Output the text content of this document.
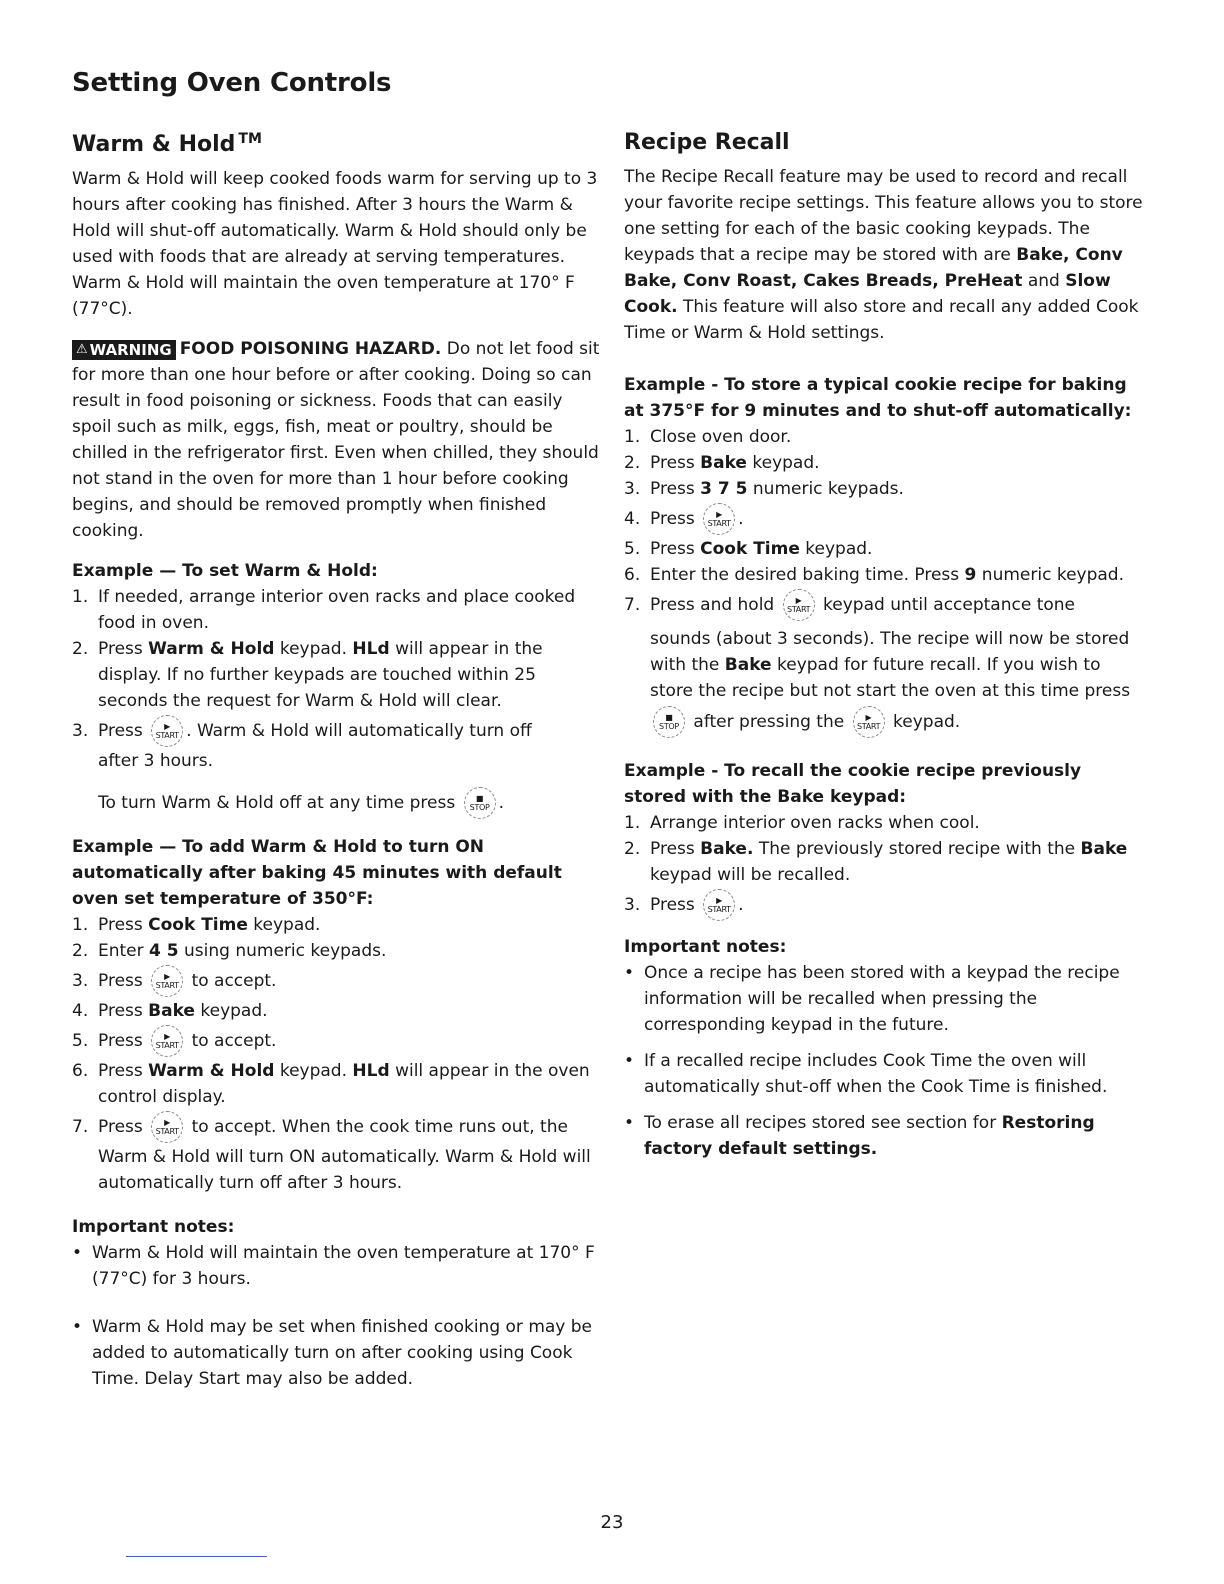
Setting Oven Controls
Warm & Hold ™

Warm & Hold will keep cooked foods warm for serving up to 3 hours after cooking has finished. After 3 hours the Warm & Hold will shut-off automatically. Warm & Hold should only be used with foods that are already at serving temperatures. Warm & Hold will maintain the oven temperature at 170° F (77°C).

⚠ WARNING FOOD POISONING HAZARD. Do not let food sit for more than one hour before or after cooking. Doing so can result in food poisoning or sickness. Foods that can easily spoil such as milk, eggs, fish, meat or poultry, should be chilled in the refrigerator first. Even when chilled, they should not stand in the oven for more than 1 hour before cooking begins, and should be removed promptly when finished cooking.

Example — To set Warm & Hold:
1. If needed, arrange interior oven racks and place cooked food in oven.
2. Press Warm & Hold keypad. HLd will appear in the display. If no further keypads are touched within 25 seconds the request for Warm & Hold will clear.
3. Press	▶
START . Warm & Hold will automatically turn off
after 3 hours.

To turn Warm & Hold off at any time press	■
STOP .

Example — To add Warm & Hold to turn ON automatically after baking 45 minutes with default oven set temperature of 350°F:
1. Press Cook Time keypad.
2. Enter 4 5 using numeric keypads.
3. Press	▶
START to accept.
4. Press Bake keypad.
5. Press	▶
START to accept.
6. Press Warm & Hold keypad. HLd will appear in the oven control display.
7. Press	▶
START to accept. When the cook time runs out, the
Warm & Hold will turn ON automatically. Warm & Hold will automatically turn off after 3 hours.
Important notes:
• Warm & Hold will maintain the oven temperature at 170° F (77°C) for 3 hours.
• Warm & Hold may be set when finished cooking or may be added to automatically turn on after cooking using Cook Time. Delay Start may also be added.
Recipe Recall

The Recipe Recall feature may be used to record and recall your favorite recipe settings. This feature allows you to store one setting for each of the basic cooking keypads. The keypads that a recipe may be stored with are Bake, Conv Bake, Conv Roast, Cakes Breads, PreHeat and Slow Cook. This feature will also store and recall any added Cook Time or Warm & Hold settings.

Example - To store a typical cookie recipe for baking at 375°F for 9 minutes and to shut-off automatically:
1. Close oven door.
2. Press Bake keypad.
3. Press 3 7 5 numeric keypads.
4. Press	▶
START .
5. Press Cook Time keypad.
6. Enter the desired baking time. Press 9 numeric keypad.
7. Press and hold	▶
START keypad until acceptance tone
sounds (about 3 seconds). The recipe will now be stored with the Bake keypad for future recall. If you wish to store the recipe but not start the oven at this time press
■
STOP after pressing the	▶
START keypad.
Example - To recall the cookie recipe previously stored with the Bake keypad:
1. Arrange interior oven racks when cool.
2. Press Bake. The previously stored recipe with the Bake keypad will be recalled.
3. Press	▶
START .
Important notes:
• Once a recipe has been stored with a keypad the recipe information will be recalled when pressing the corresponding keypad in the future.
• If a recalled recipe includes Cook Time the oven will automatically shut-off when the Cook Time is finished.
• To erase all recipes stored see section for Restoring factory default settings.
23
